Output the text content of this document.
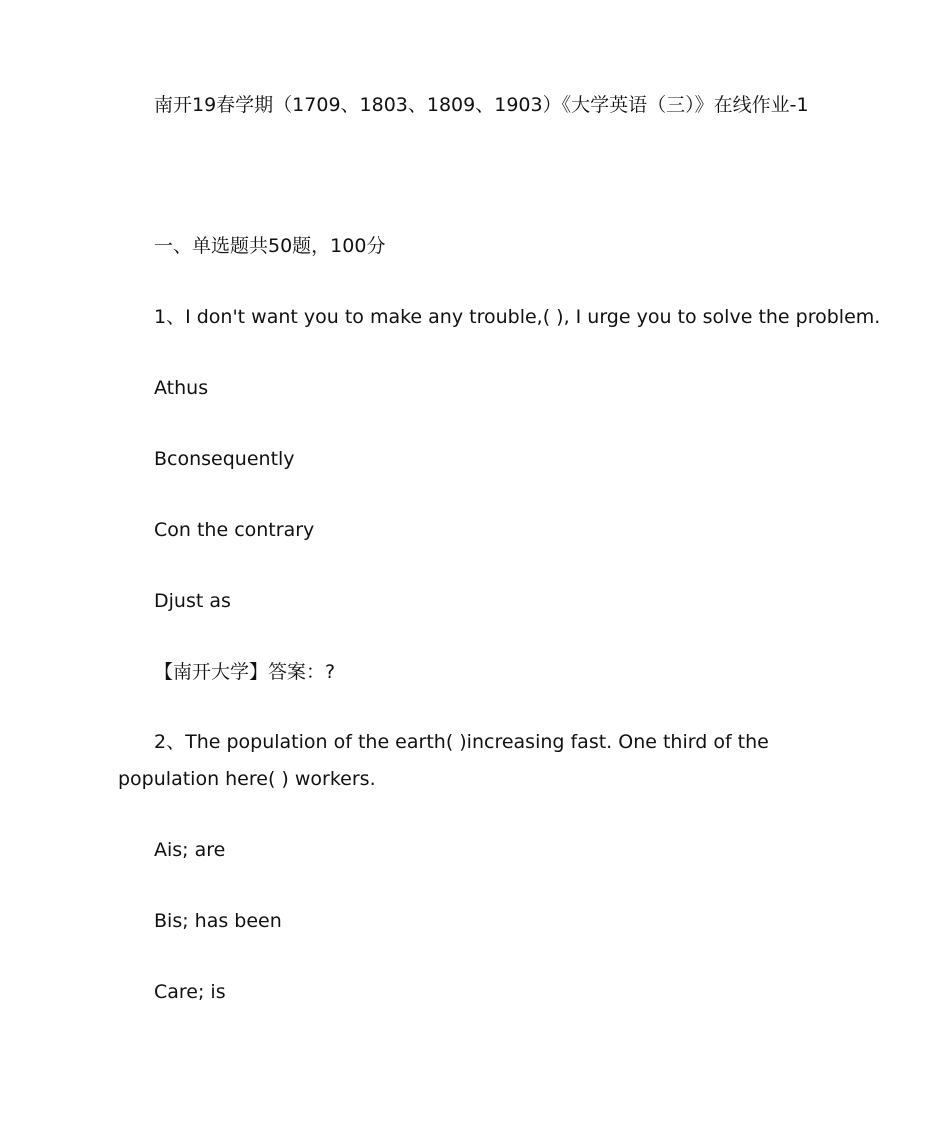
南开19春学期（1709、1803、1809、1903）《大学英语（三）》在线作业-1

一、单选题共50题，100分

1、I don't want you to make any trouble,( ), I urge you to solve the problem.

Athus

Bconsequently

Con the contrary

Djust as

【南开大学】答案：?

2、The population of the earth( )increasing fast. One third of the population here( ) workers.

Ais; are

Bis; has been

Care; is
